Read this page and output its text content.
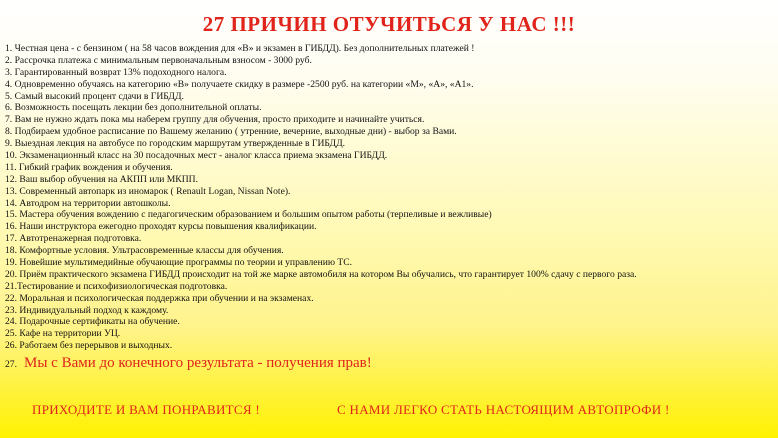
27 ПРИЧИН ОТУЧИТЬСЯ У НАС !!!
1. Честная цена - с бензином ( на 58 часов вождения для «В» и экзамен в ГИБДД). Без дополнительных платежей !
2. Рассрочка платежа с минимальным первоначальным взносом - 3000 руб.
3. Гарантированный возврат 13% подоходного налога.
4. Одновременно обучаясь на категорию «В» получаете скидку в размере -2500 руб. на категории «М», «А», «А1».
5. Самый высокий процент сдачи в ГИБДД.
6. Возможность посещать лекции без дополнительной оплаты.
7. Вам не нужно ждать пока мы наберем группу для обучения, просто приходите и начинайте учиться.
8. Подбираем удобное расписание по Вашему желанию ( утренние, вечерние, выходные дни) - выбор за Вами.
9. Выездная лекция на автобусе по городским маршрутам утвержденные в ГИБДД.
10. Экзаменационный класс на 30 посадочных мест - аналог класса приема экзамена ГИБДД.
11. Гибкий график вождения и обучения.
12. Ваш выбор обучения на АКПП или МКПП.
13. Современный автопарк из иномарок ( Renault Logan, Nissan Note).
14. Автодром на территории автошколы.
15. Мастера обучения вождению с педагогическим образованием и большим опытом работы (терпеливые и вежливые)
16. Наши инструктора ежегодно проходят курсы повышения квалификации.
17. Автотренажерная подготовка.
18. Комфортные условия. Ультрасовременные классы для обучения.
19. Новейшие мультимедийные обучающие программы по теории и управлению ТС.
20. Приём практического экзамена ГИБДД происходит на той же марке автомобиля на котором Вы обучались, что гарантирует 100% сдачу с первого раза.
21.Тестирование и психофизиологическая подготовка.
22. Моральная и психологическая поддержка при обучении и на экзаменах.
23. Индивидуальный подход к каждому.
24. Подарочные сертификаты на обучение.
25. Кафе на территории УЦ.
26. Работаем без перерывов и выходных.
27. Мы с Вами до конечного результата - получения прав!
ПРИХОДИТЕ И ВАМ ПОНРАВИТСЯ !	С НАМИ ЛЕГКО СТАТЬ НАСТОЯЩИМ АВТОПРОФИ !
